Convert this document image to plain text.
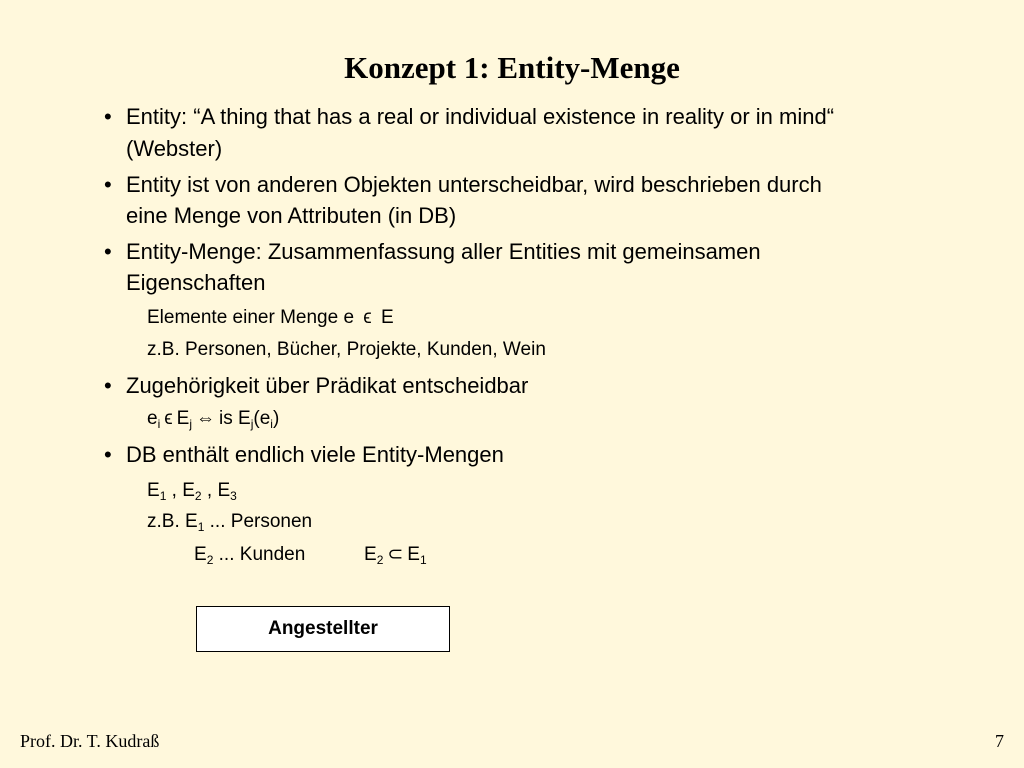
Konzept 1: Entity-Menge
• Entity: “A thing that has a real or individual existence in reality or in mind“
(Webster)
• Entity ist von anderen Objekten unterscheidbar, wird beschrieben durch
eine Menge von Attributen (in DB)
• Entity-Menge: Zusammenfassung aller Entities mit gemeinsamen
Eigenschaften
Elemente einer Menge e ϵ E
z.B. Personen, Bücher, Projekte, Kunden, Wein
• Zugehörigkeit über Prädikat entscheidbar
$e_i$ ϵ $E_j$ ⇔ is $E_j(e_i)$
• DB enthält endlich viele Entity-Mengen
$E_1$ , $E_2$ , $E_3$
z.B. $E_1$ ... Personen
$E_2$ ... Kunden	$E_2$ ⊂ $E_1$
Angestellter
Prof. Dr. T. Kudraß	7
